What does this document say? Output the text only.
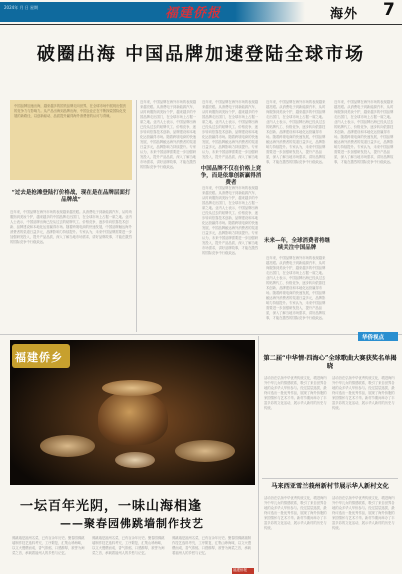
2024年 月 日 星期	福建侨报	海外 7
破圈出海 中国品牌加速登陆全球市场
中国品牌加速出海，越来越多的国货品牌走向世界，在全球市场中展现出强劲的竞争力与影响力。从产品出海到品牌出海，中国企业正在不断探索国际化发展的新路径，以创新驱动、品质提升赢得海外消费者的认可与青睐。
“过去是抢滩登陆打价格战，现在是在品牌层面打品牌战”
近年来，中国品牌在海外市场的表现越来越亮眼。从消费电子到新能源汽车，从时尚服饰到美妆个护，越来越多的中国品牌走出国门，在全球市场上占据一席之地。业内人士表示，中国品牌出海已经从过去的贴牌代工、价格竞争，逐步转向依靠技术创新、品牌建设和本地化运营赢得市场。随着跨境电商的快速发展，中国品牌触达海外消费者的渠道日益多元，品牌影响力持续提升。专家认为，未来中国品牌需要进一步加强研发投入，提升产品品质，深入了解当地市场需求，讲好品牌故事，才能在激烈的国际竞争中行稳致远。
近年来，中国品牌在海外市场的表现越来越亮眼。从消费电子到新能源汽车，从时尚服饰到美妆个护，越来越多的中国品牌走出国门，在全球市场上占据一席之地。业内人士表示，中国品牌出海已经从过去的贴牌代工、价格竞争，逐步转向依靠技术创新、品牌建设和本地化运营赢得市场。随着跨境电商的快速发展，中国品牌触达海外消费者的渠道日益多元，品牌影响力持续提升。专家认为，未来中国品牌需要进一步加强研发投入，提升产品品质，深入了解当地市场需求，讲好品牌故事，才能在激烈的国际竞争中行稳致远。
近年来，中国品牌在海外市场的表现越来越亮眼。从消费电子到新能源汽车，从时尚服饰到美妆个护，越来越多的中国品牌走出国门，在全球市场上占据一席之地。业内人士表示，中国品牌出海已经从过去的贴牌代工、价格竞争，逐步转向依靠技术创新、品牌建设和本地化运营赢得市场。随着跨境电商的快速发展，中国品牌触达海外消费者的渠道日益多元，品牌影响力持续提升。专家认为，未来中国品牌需要进一步加强研发投入，提升产品品质，深入了解当地
中国品牌不仅在价格上竞争，而是依靠创新赢得消费者
近年来，中国品牌在海外市场的表现越来越亮眼。从消费电子到新能源汽车，从时尚服饰到美妆个护，越来越多的中国品牌走出国门，在全球市场上占据一席之地。业内人士表示，中国品牌出海已经从过去的贴牌代工、价格竞争，逐步转向依靠技术创新、品牌建设和本地化运营赢得市场。随着跨境电商的快速发展，中国品牌触达海外消费者的渠道日益多元，品牌影响力持续提升。专家认为，未来中国品牌需要进一步加强研发投入，提升产品品质，深入了解当地市场需求，讲好品牌故事，才能在激烈的国际竞争中行稳致远。
近年来，中国品牌在海外市场的表现越来越亮眼。从消费电子到新能源汽车，从时尚服饰到美妆个护，越来越多的中国品牌走出国门，在全球市场上占据一席之地。业内人士表示，中国品牌出海已经从过去的贴牌代工、价格竞争，逐步转向依靠技术创新、品牌建设和本地化运营赢得市场。随着跨境电商的快速发展，中国品牌触达海外消费者的渠道日益多元，品牌影响力持续提升。专家认为，未来中国品牌需要进一步加强研发投入，提升产品品质，深入了解当地市场需求，讲好品牌故事，才能在激烈的国际竞争中行稳致远。
未来—年，全球消费者将继续关注中国品牌
近年来，中国品牌在海外市场的表现越来越亮眼。从消费电子到新能源汽车，从时尚服饰到美妆个护，越来越多的中国品牌走出国门，在全球市场上占据一席之地。业内人士表示，中国品牌出海已经从过去的贴牌代工、价格竞争，逐步转向依靠技术创新、品牌建设和本地化运营赢得市场。随着跨境电商的快速发展，中国品牌触达海外消费者的渠道日益多元，品牌影响力持续提升。专家认为，未来中国品牌需要进一步加强研发投入，提升产品品质，深入了解当地市场需求，讲好品牌故事，才能在激烈的国际竞争中行稳致远。
近年来，中国品牌在海外市场的表现越来越亮眼。从消费电子到新能源汽车，从时尚服饰到美妆个护，越来越多的中国品牌走出国门，在全球市场上占据一席之地。业内人士表示，中国品牌出海已经从过去的贴牌代工、价格竞争，逐步转向依靠技术创新、品牌建设和本地化运营赢得市场。随着跨境电商的快速发展，中国品牌触达海外消费者的渠道日益多元，品牌影响力持续提升。专家认为，未来中国品牌需要进一步加强研发投入，提升产品品质，深入了解当地市场需求，讲好品牌故事，才能在激烈的国际竞争中行稳致远。
福建侨乡
一坛百年光阴，一味山海相逢
——聚春园佛跳墙制作技艺
佛跳墙是福州名菜，已有百余年历史。聚春园佛跳墙制作技艺选料考究，工序繁复，汇集山珍海味，以文火慢煨而成，香气浓郁，口感醇厚，被誉为闽菜之首，承载着福州人的乡愁与记忆。
佛跳墙是福州名菜，已有百余年历史。聚春园佛跳墙制作技艺选料考究，工序繁复，汇集山珍海味，以文火慢煨而成，香气浓郁，口感醇厚，被誉为闽菜之首，承载着福州人的乡愁与记忆。
佛跳墙是福州名菜，已有百余年历史。聚春园佛跳墙制作技艺选料考究，工序繁复，汇集山珍海味，以文火慢煨而成，香气浓郁，口感醇厚，被誉为闽菜之首，承载着福州人的乡愁与记忆。
福建侨报
华侨视点
第二届“中华情·四海心”全球歌曲大赛获奖名单揭晓
活动旨在弘扬中华优秀传统文化，增进海内外中华儿女的情感联系，吸引了来自世界各地的众多华人华侨参与。经过层层选拔，最终评选出一批优秀作品，展现了海外侨胞的家国情怀与艺术才华。新村节期间举办了丰富多彩的文化活动，展示华人新村的历史与传统。
活动旨在弘扬中华优秀传统文化，增进海内外中华儿女的情感联系，吸引了来自世界各地的众多华人华侨参与。经过层层选拔，最终评选出一批优秀作品，展现了海外侨胞的家国情怀与艺术才华。新村节期间举办了丰富多彩的文化活动，展示华人新村的历史与传统。
马来西亚雪兰莪州新村节展示华人新村文化
活动旨在弘扬中华优秀传统文化，增进海内外中华儿女的情感联系，吸引了来自世界各地的众多华人华侨参与。经过层层选拔，最终评选出一批优秀作品，展现了海外侨胞的家国情怀与艺术才华。新村节期间举办了丰富多彩的文化活动，展示华人新村的历史与传统。
活动旨在弘扬中华优秀传统文化，增进海内外中华儿女的情感联系，吸引了来自世界各地的众多华人华侨参与。经过层层选拔，最终评选出一批优秀作品，展现了海外侨胞的家国情怀与艺术才华。新村节期间举办了丰富多彩的文化活动，展示华人新村的历史与传统。
